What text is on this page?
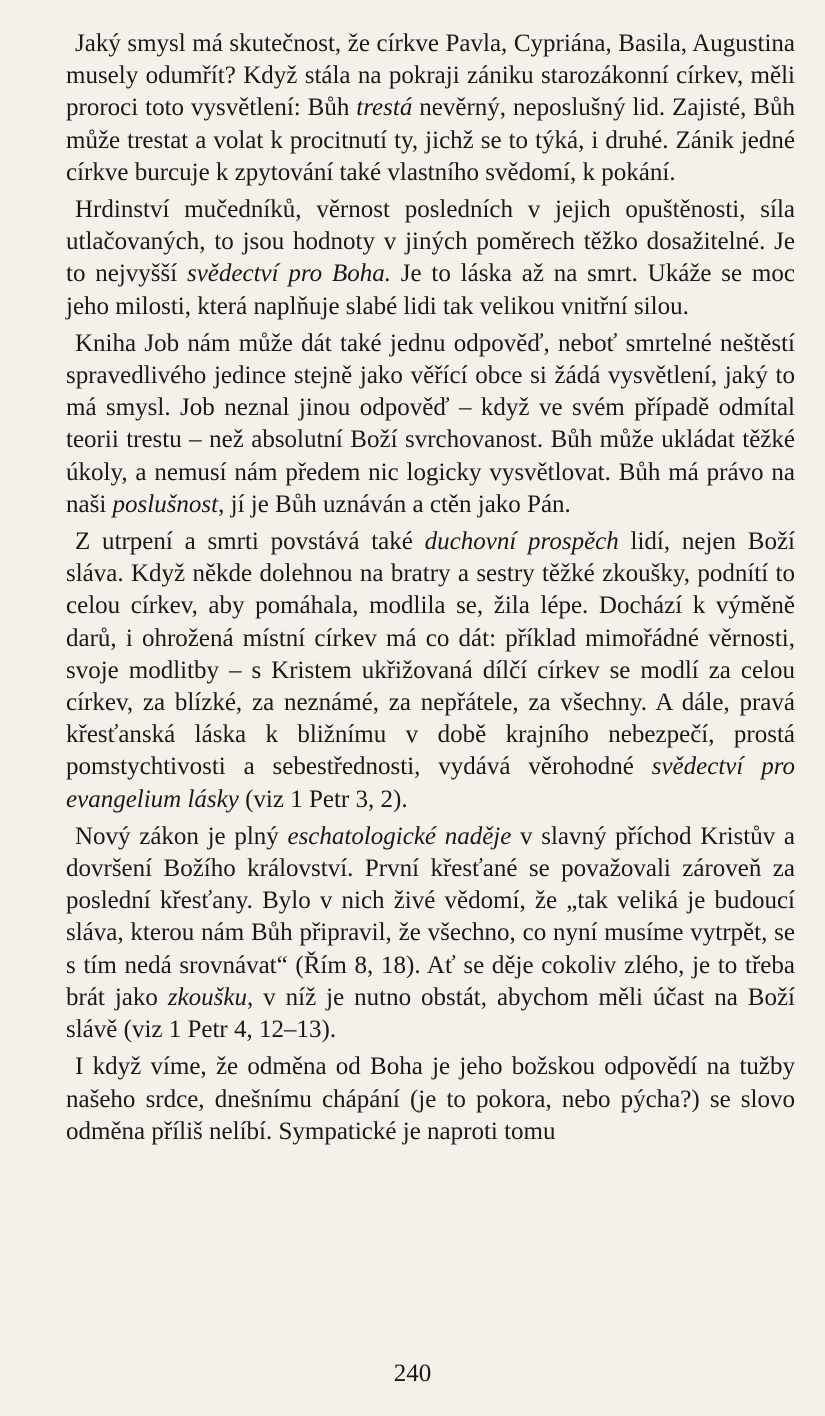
Jaký smysl má skutečnost, že církve Pavla, Cypriána, Basila, Augustina musely odumřít? Když stála na pokraji zániku starozákonní církev, měli proroci toto vysvětlení: Bůh trestá nevěrný, neposlušný lid. Zajisté, Bůh může trestat a volat k procitnutí ty, jichž se to týká, i druhé. Zánik jedné církve burcuje k zpytování také vlastního svědomí, k pokání.

Hrdinství mučedníků, věrnost posledních v jejich opuštěnosti, síla utlačovaných, to jsou hodnoty v jiných poměrech těžko dosažitelné. Je to nejvyšší svědectví pro Boha. Je to láska až na smrt. Ukáže se moc jeho milosti, která naplňuje slabé lidi tak velikou vnitřní silou.

Kniha Job nám může dát také jednu odpověď, neboť smrtelné neštěstí spravedlivého jedince stejně jako věřící obce si žádá vysvětlení, jaký to má smysl. Job neznal jinou odpověď – když ve svém případě odmítal teorii trestu – než absolutní Boží svrchovanost. Bůh může ukládat těžké úkoly, a nemusí nám předem nic logicky vysvětlovat. Bůh má právo na naši poslušnost, jí je Bůh uznáván a ctěn jako Pán.

Z utrpení a smrti povstává také duchovní prospěch lidí, nejen Boží sláva. Když někde dolehnou na bratry a sestry těžké zkoušky, podnítí to celou církev, aby pomáhala, modlila se, žila lépe. Dochází k výměně darů, i ohrožená místní církev má co dát: příklad mimořádné věrnosti, svoje modlitby – s Kristem ukřižovaná dílčí církev se modlí za celou církev, za blízké, za neznámé, za nepřátele, za všechny. A dále, pravá křesťanská láska k bližnímu v době krajního nebezpečí, prostá pomstychtivosti a sebestřednosti, vydává věrohodné svědectví pro evangelium lásky (viz 1 Petr 3, 2).

Nový zákon je plný eschatologické naděje v slavný příchod Kristův a dovršení Božího království. První křesťané se považovali zároveň za poslední křesťany. Bylo v nich živé vědomí, že „tak veliká je budoucí sláva, kterou nám Bůh připravil, že všechno, co nyní musíme vytrpět, se s tím nedá srovnávat“ (Řím 8, 18). Ať se děje cokoliv zlého, je to třeba brát jako zkoušku, v níž je nutno obstát, abychom měli účast na Boží slávě (viz 1 Petr 4, 12–13).

I když víme, že odměna od Boha je jeho božskou odpovědí na tužby našeho srdce, dnešnímu chápání (je to pokora, nebo pýcha?) se slovo odměna příliš nelíbí. Sympatické je naproti tomu

240
